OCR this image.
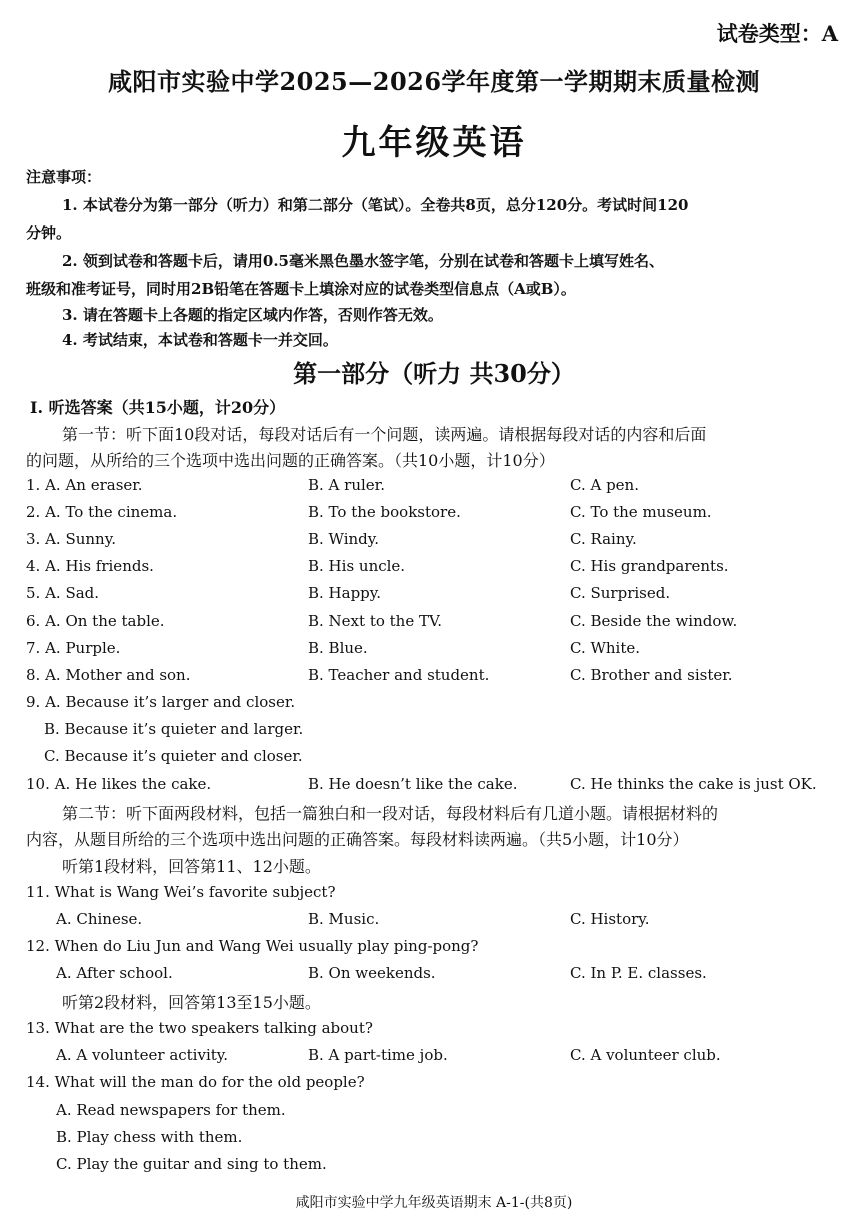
试卷类型：A
咸阳市实验中学2025—2026学年度第一学期期末质量检测
九年级英语
注意事项：
1. 本试卷分为第一部分（听力）和第二部分（笔试）。全卷共8页，总分120分。考试时间120
分钟。
2. 领到试卷和答题卡后，请用0.5毫米黑色墨水签字笔，分别在试卷和答题卡上填写姓名、
班级和准考证号，同时用2B铅笔在答题卡上填涂对应的试卷类型信息点（A或B）。
3. 请在答题卡上各题的指定区域内作答，否则作答无效。
4. 考试结束，本试卷和答题卡一并交回。
第一部分（听力 共30分）
Ⅰ. 听选答案（共15小题，计20分）
第一节：听下面10段对话，每段对话后有一个问题，读两遍。请根据每段对话的内容和后面
的问题，从所给的三个选项中选出问题的正确答案。（共10小题，计10分）
1. A. An eraser.	B. A ruler.	C. A pen.
2. A. To the cinema.	B. To the bookstore.	C. To the museum.
3. A. Sunny.	B. Windy.	C. Rainy.
4. A. His friends.	B. His uncle.	C. His grandparents.
5. A. Sad.	B. Happy.	C. Surprised.
6. A. On the table.	B. Next to the TV.	C. Beside the window.
7. A. Purple.	B. Blue.	C. White.
8. A. Mother and son.	B. Teacher and student.	C. Brother and sister.
9. A. Because it’s larger and closer.
B. Because it’s quieter and larger.
C. Because it’s quieter and closer.
10. A. He likes the cake.	B. He doesn’t like the cake.	C. He thinks the cake is just OK.
第二节：听下面两段材料，包括一篇独白和一段对话，每段材料后有几道小题。请根据材料的
内容，从题目所给的三个选项中选出问题的正确答案。每段材料读两遍。（共5小题，计10分）
听第1段材料，回答第11、12小题。
11. What is Wang Wei’s favorite subject?
A. Chinese.	B. Music.	C. History.
12. When do Liu Jun and Wang Wei usually play ping-pong?
A. After school.	B. On weekends.	C. In P. E. classes.
听第2段材料，回答第13至15小题。
13. What are the two speakers talking about?
A. A volunteer activity.	B. A part-time job.	C. A volunteer club.
14. What will the man do for the old people?
A. Read newspapers for them.
B. Play chess with them.
C. Play the guitar and sing to them.
咸阳市实验中学九年级英语期末 A-1-(共8页)
